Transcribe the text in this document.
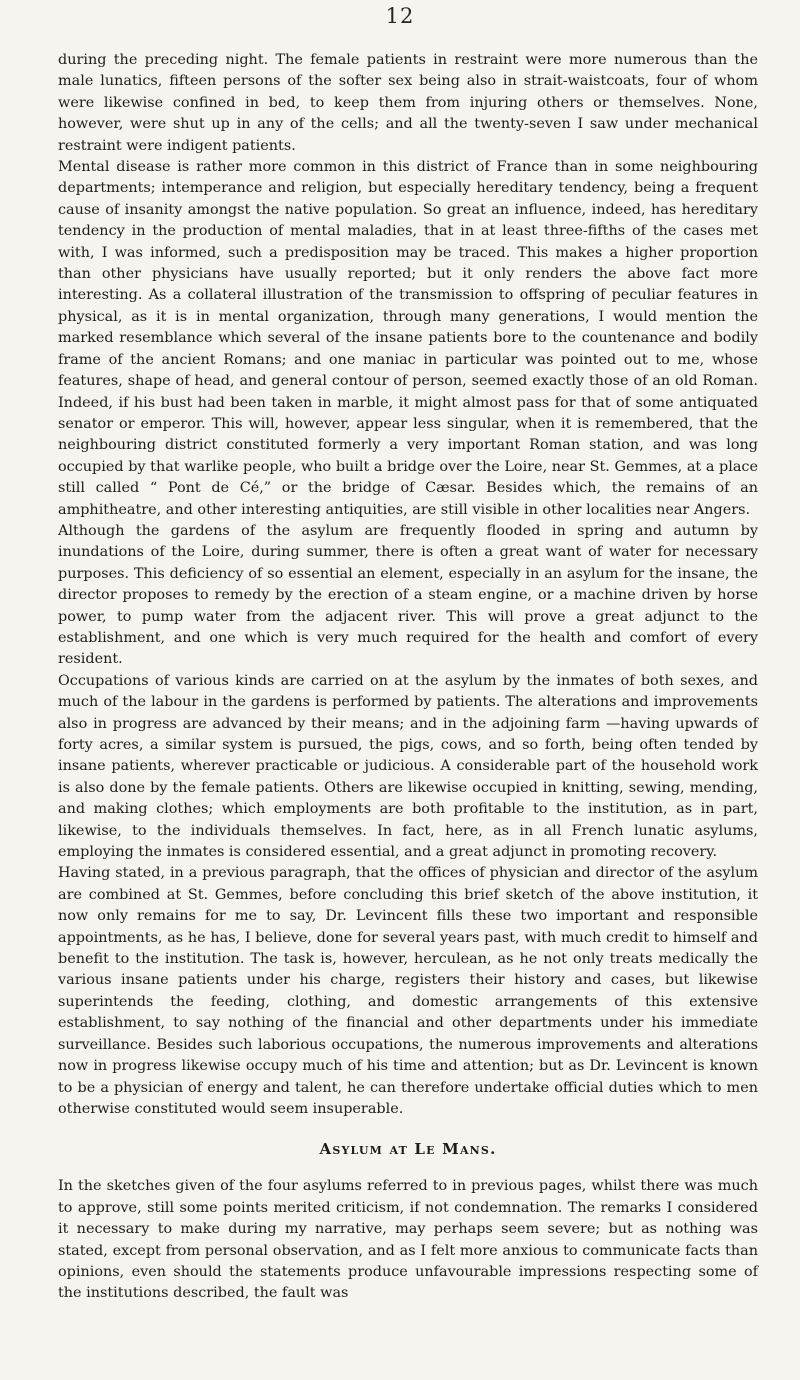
12

during the preceding night. The female patients in restraint were more numerous than the male lunatics, fifteen persons of the softer sex being also in strait-waistcoats, four of whom were likewise confined in bed, to keep them from injuring others or themselves. None, however, were shut up in any of the cells; and all the twenty-seven I saw under mechanical restraint were indigent patients.

Mental disease is rather more common in this district of France than in some neighbouring departments; intemperance and religion, but especially hereditary tendency, being a frequent cause of insanity amongst the native population. So great an influence, indeed, has hereditary tendency in the production of mental maladies, that in at least three-fifths of the cases met with, I was informed, such a predisposition may be traced. This makes a higher proportion than other physicians have usually reported; but it only renders the above fact more interesting. As a collateral illustration of the transmission to offspring of peculiar features in physical, as it is in mental organization, through many generations, I would mention the marked resemblance which several of the insane patients bore to the countenance and bodily frame of the ancient Romans; and one maniac in particular was pointed out to me, whose features, shape of head, and general contour of person, seemed exactly those of an old Roman. Indeed, if his bust had been taken in marble, it might almost pass for that of some antiquated senator or emperor. This will, however, appear less singular, when it is remembered, that the neighbouring district constituted formerly a very important Roman station, and was long occupied by that warlike people, who built a bridge over the Loire, near St. Gemmes, at a place still called “ Pont de Cé,” or the bridge of Cæsar. Besides which, the remains of an amphitheatre, and other interesting antiquities, are still visible in other localities near Angers.

Although the gardens of the asylum are frequently flooded in spring and autumn by inundations of the Loire, during summer, there is often a great want of water for necessary purposes. This deficiency of so essential an element, especially in an asylum for the insane, the director proposes to remedy by the erection of a steam engine, or a machine driven by horse power, to pump water from the adjacent river. This will prove a great adjunct to the establishment, and one which is very much required for the health and comfort of every resident.

Occupations of various kinds are carried on at the asylum by the inmates of both sexes, and much of the labour in the gardens is performed by patients. The alterations and improvements also in progress are advanced by their means; and in the adjoining farm —having upwards of forty acres, a similar system is pursued, the pigs, cows, and so forth, being often tended by insane patients, wherever practicable or judicious. A considerable part of the household work is also done by the female patients. Others are likewise occupied in knitting, sewing, mending, and making clothes; which employments are both profitable to the institution, as in part, likewise, to the individuals themselves. In fact, here, as in all French lunatic asylums, employing the inmates is considered essential, and a great adjunct in promoting recovery.

Having stated, in a previous paragraph, that the offices of physician and director of the asylum are combined at St. Gemmes, before concluding this brief sketch of the above institution, it now only remains for me to say, Dr. Levincent fills these two important and responsible appointments, as he has, I believe, done for several years past, with much credit to himself and benefit to the institution. The task is, however, herculean, as he not only treats medically the various insane patients under his charge, registers their history and cases, but likewise superintends the feeding, clothing, and domestic arrangements of this extensive establishment, to say nothing of the financial and other departments under his immediate surveillance. Besides such laborious occupations, the numerous improvements and alterations now in progress likewise occupy much of his time and attention; but as Dr. Levincent is known to be a physician of energy and talent, he can therefore undertake official duties which to men otherwise constituted would seem insuperable.

Asylum at Le Mans.

In the sketches given of the four asylums referred to in previous pages, whilst there was much to approve, still some points merited criticism, if not condemnation. The remarks I considered it necessary to make during my narrative, may perhaps seem severe; but as nothing was stated, except from personal observation, and as I felt more anxious to communicate facts than opinions, even should the statements produce unfavourable impressions respecting some of the institutions described, the fault was
